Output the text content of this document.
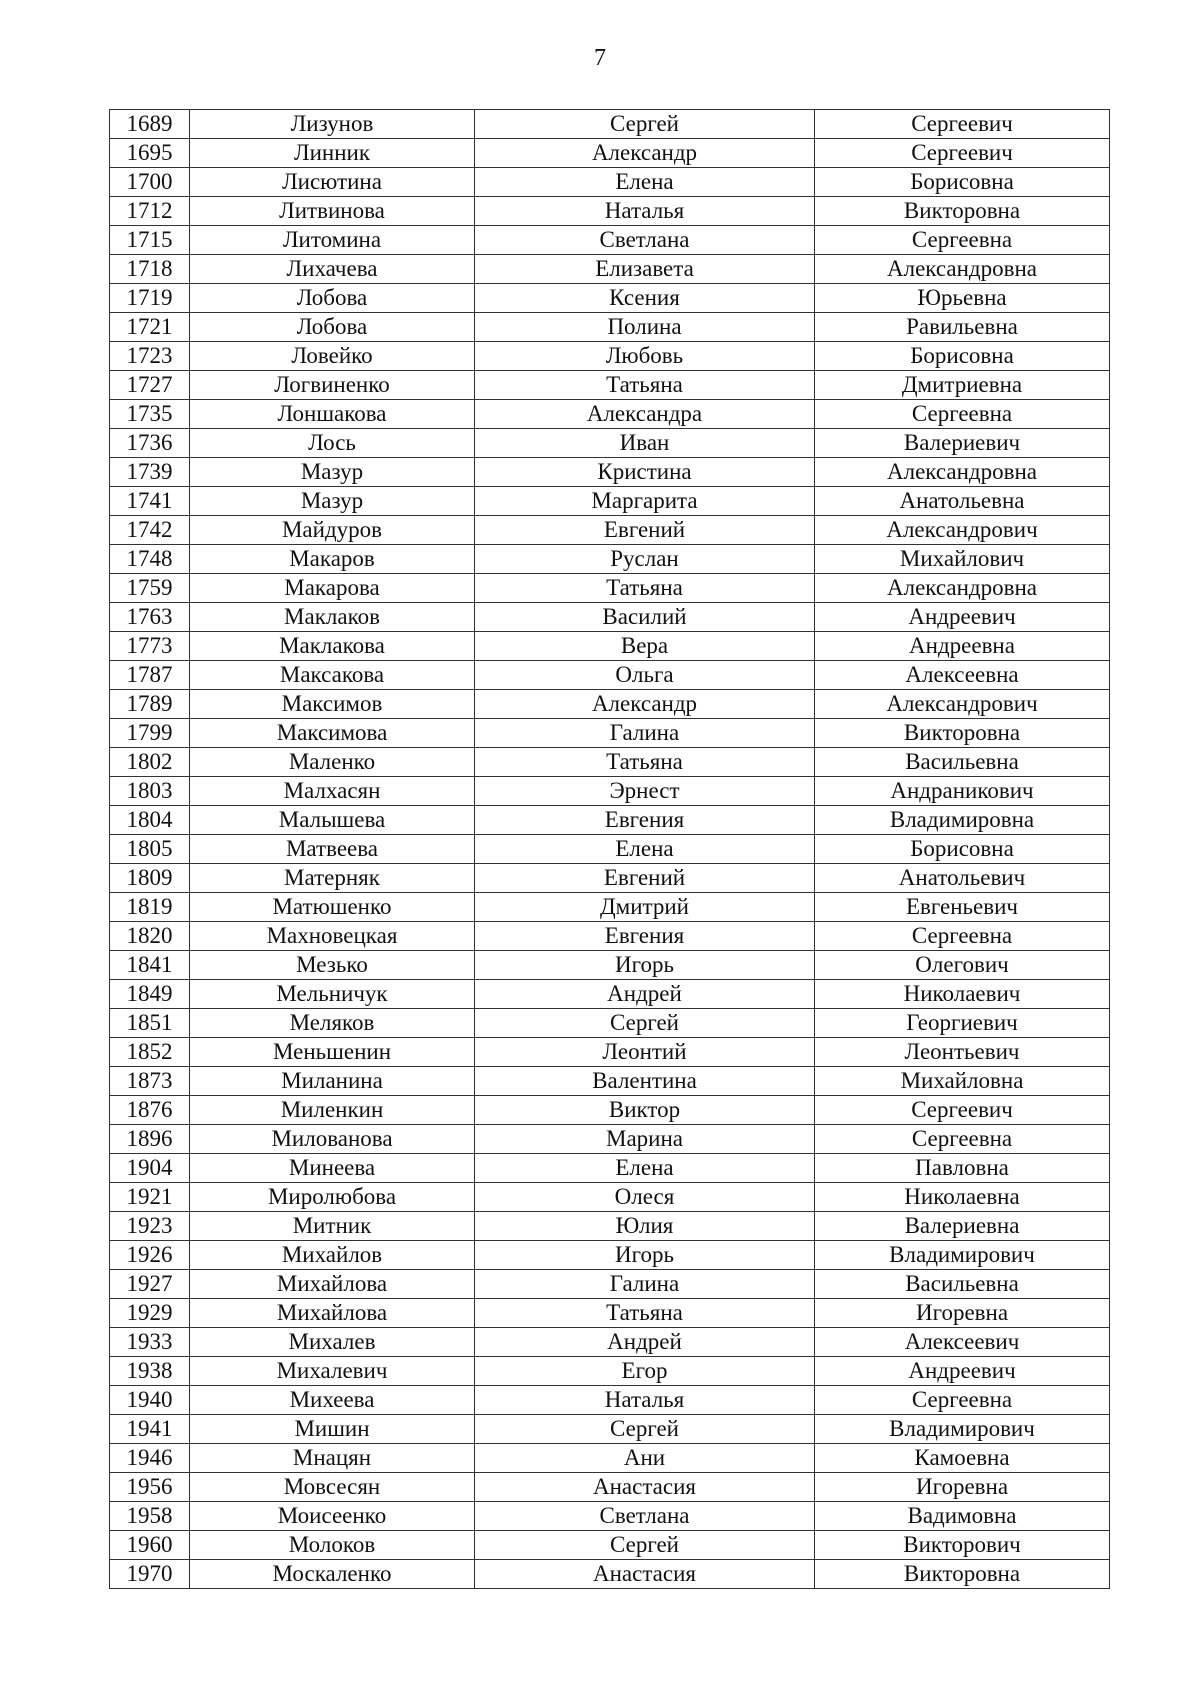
7
1689	Лизунов	Сергей	Сергеевич
1695	Линник	Александр	Сергеевич
1700	Лисютина	Елена	Борисовна
1712	Литвинова	Наталья	Викторовна
1715	Литомина	Светлана	Сергеевна
1718	Лихачева	Елизавета	Александровна
1719	Лобова	Ксения	Юрьевна
1721	Лобова	Полина	Равильевна
1723	Ловейко	Любовь	Борисовна
1727	Логвиненко	Татьяна	Дмитриевна
1735	Лоншакова	Александра	Сергеевна
1736	Лось	Иван	Валериевич
1739	Мазур	Кристина	Александровна
1741	Мазур	Маргарита	Анатольевна
1742	Майдуров	Евгений	Александрович
1748	Макаров	Руслан	Михайлович
1759	Макарова	Татьяна	Александровна
1763	Маклаков	Василий	Андреевич
1773	Маклакова	Вера	Андреевна
1787	Максакова	Ольга	Алексеевна
1789	Максимов	Александр	Александрович
1799	Максимова	Галина	Викторовна
1802	Маленко	Татьяна	Васильевна
1803	Малхасян	Эрнест	Андраникович
1804	Малышева	Евгения	Владимировна
1805	Матвеева	Елена	Борисовна
1809	Матерняк	Евгений	Анатольевич
1819	Матюшенко	Дмитрий	Евгеньевич
1820	Махновецкая	Евгения	Сергеевна
1841	Мезько	Игорь	Олегович
1849	Мельничук	Андрей	Николаевич
1851	Меляков	Сергей	Георгиевич
1852	Меньшенин	Леонтий	Леонтьевич
1873	Миланина	Валентина	Михайловна
1876	Миленкин	Виктор	Сергеевич
1896	Милованова	Марина	Сергеевна
1904	Минеева	Елена	Павловна
1921	Миролюбова	Олеся	Николаевна
1923	Митник	Юлия	Валериевна
1926	Михайлов	Игорь	Владимирович
1927	Михайлова	Галина	Васильевна
1929	Михайлова	Татьяна	Игоревна
1933	Михалев	Андрей	Алексеевич
1938	Михалевич	Егор	Андреевич
1940	Михеева	Наталья	Сергеевна
1941	Мишин	Сергей	Владимирович
1946	Мнацян	Ани	Камоевна
1956	Мовсесян	Анастасия	Игоревна
1958	Моисеенко	Светлана	Вадимовна
1960	Молоков	Сергей	Викторович
1970	Москаленко	Анастасия	Викторовна
